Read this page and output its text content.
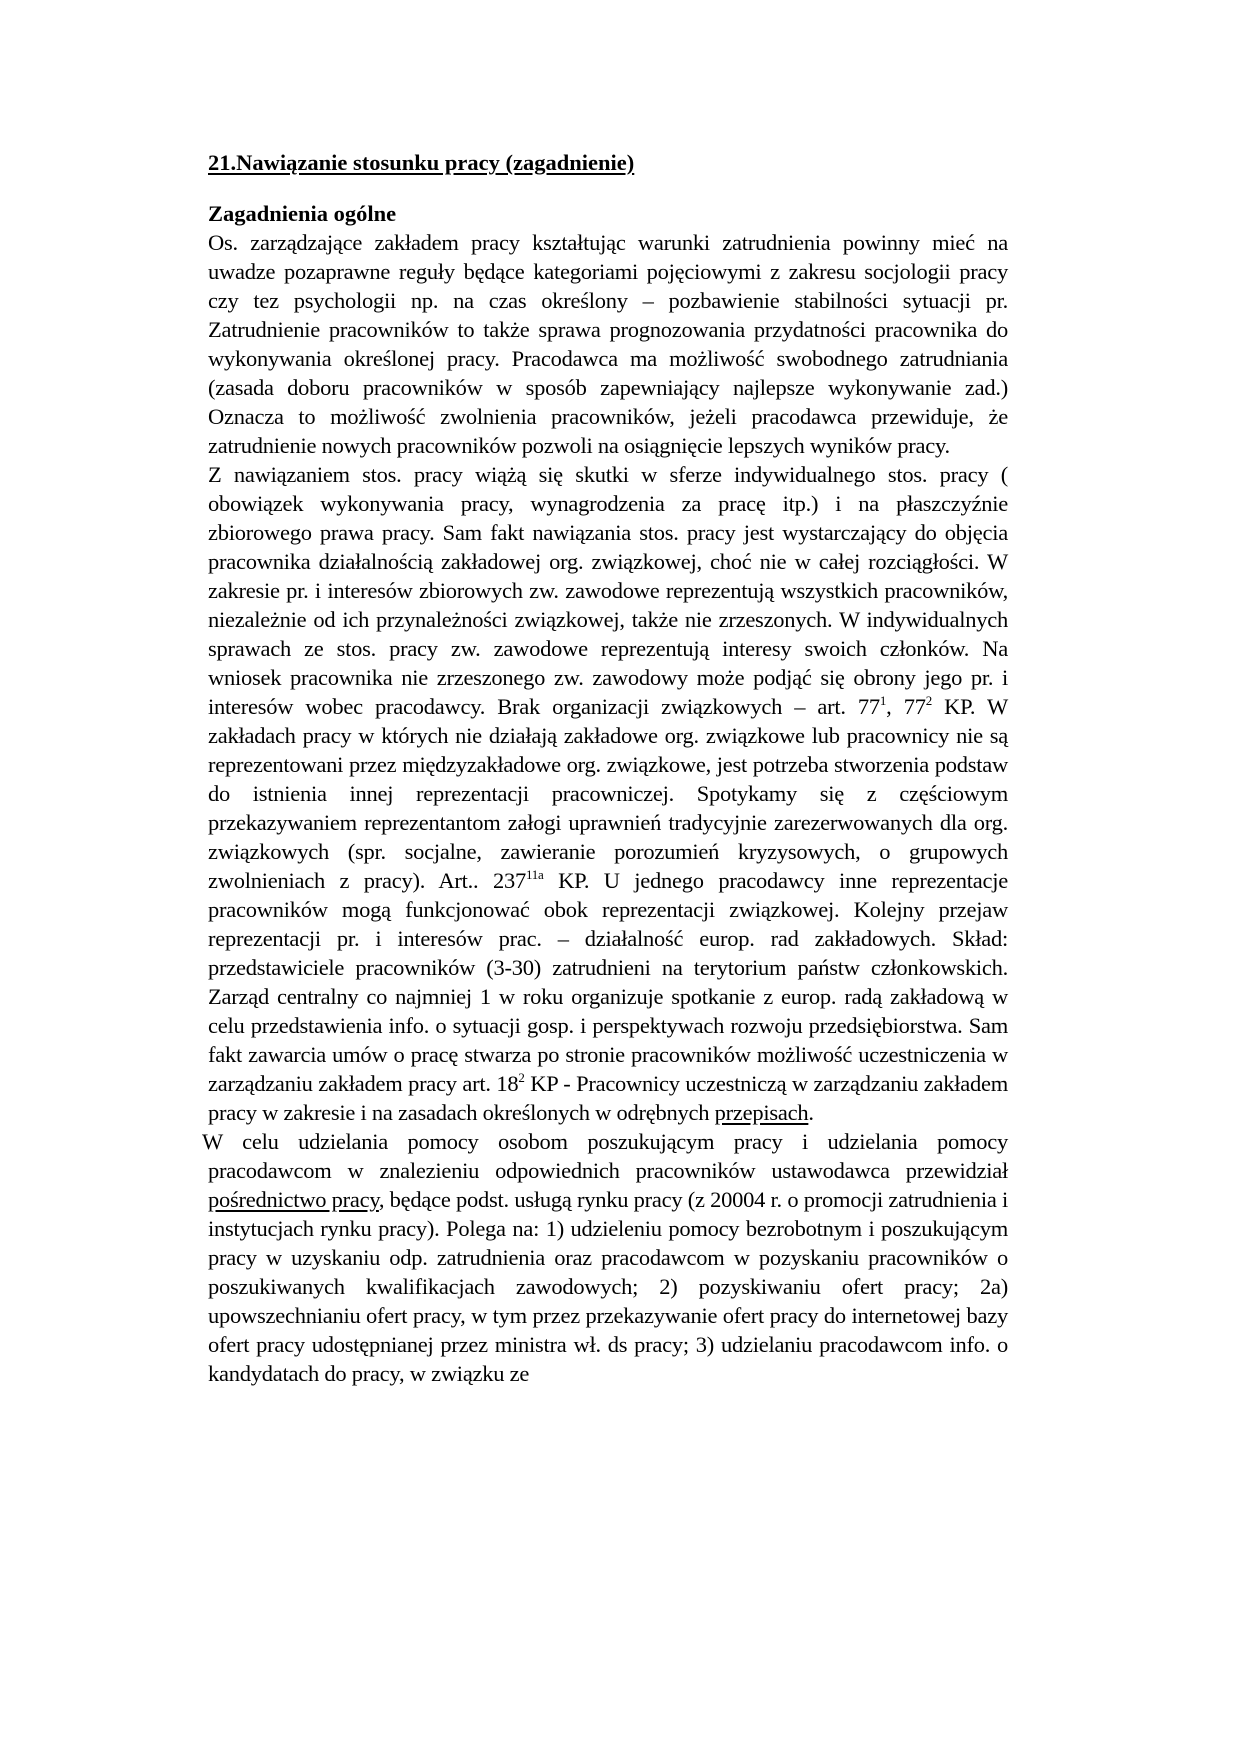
21.Nawiązanie stosunku pracy (zagadnienie)
Zagadnienia ogólne

Os. zarządzające zakładem pracy kształtując warunki zatrudnienia powinny mieć na uwadze pozaprawne reguły będące kategoriami pojęciowymi z zakresu socjologii pracy czy tez psychologii np. na czas określony – pozbawienie stabilności sytuacji pr. Zatrudnienie pracowników to także sprawa prognozowania przydatności pracownika do wykonywania określonej pracy. Pracodawca ma możliwość swobodnego zatrudniania (zasada doboru pracowników w sposób zapewniający najlepsze wykonywanie zad.) Oznacza to możliwość zwolnienia pracowników, jeżeli pracodawca przewiduje, że zatrudnienie nowych pracowników pozwoli na osiągnięcie lepszych wyników pracy.

Z nawiązaniem stos. pracy wiążą się skutki w sferze indywidualnego stos. pracy ( obowiązek wykonywania pracy, wynagrodzenia za pracę itp.) i na płaszczyźnie zbiorowego prawa pracy. Sam fakt nawiązania stos. pracy jest wystarczający do objęcia pracownika działalnością zakładowej org. związkowej, choć nie w całej rozciągłości. W zakresie pr. i interesów zbiorowych zw. zawodowe reprezentują wszystkich pracowników, niezależnie od ich przynależności związkowej, także nie zrzeszonych. W indywidualnych sprawach ze stos. pracy zw. zawodowe reprezentują interesy swoich członków. Na wniosek pracownika nie zrzeszonego zw. zawodowy może podjąć się obrony jego pr. i interesów wobec pracodawcy. Brak organizacji związkowych – art. $77^1$, $77^2$ KP. W zakładach pracy w których nie działają zakładowe org. związkowe lub pracownicy nie są reprezentowani przez międzyzakładowe org. związkowe, jest potrzeba stworzenia podstaw do istnienia innej reprezentacji pracowniczej. Spotykamy się z częściowym przekazywaniem reprezentantom załogi uprawnień tradycyjnie zarezerwowanych dla org. związkowych (spr. socjalne, zawieranie porozumień kryzysowych, o grupowych zwolnieniach z pracy). Art.. $237^{11a}$ KP. U jednego pracodawcy inne reprezentacje pracowników mogą funkcjonować obok reprezentacji związkowej. Kolejny przejaw reprezentacji pr. i interesów prac. – działalność europ. rad zakładowych. Skład: przedstawiciele pracowników (3-30) zatrudnieni na terytorium państw członkowskich. Zarząd centralny co najmniej 1 w roku organizuje spotkanie z europ. radą zakładową w celu przedstawienia info. o sytuacji gosp. i perspektywach rozwoju przedsiębiorstwa. Sam fakt zawarcia umów o pracę stwarza po stronie pracowników możliwość uczestniczenia w zarządzaniu zakładem pracy art. $18^2$ KP - Pracownicy uczestniczą w zarządzaniu zakładem pracy w zakresie i na zasadach określonych w odrębnych przepisach.

W celu udzielania pomocy osobom poszukującym pracy i udzielania pomocy pracodawcom w znalezieniu odpowiednich pracowników ustawodawca przewidział pośrednictwo pracy, będące podst. usługą rynku pracy (z 20004 r. o promocji zatrudnienia i instytucjach rynku pracy). Polega na: 1) udzieleniu pomocy bezrobotnym i poszukującym pracy w uzyskaniu odp. zatrudnienia oraz pracodawcom w pozyskaniu pracowników o poszukiwanych kwalifikacjach zawodowych; 2) pozyskiwaniu ofert pracy; 2a) upowszechnianiu ofert pracy, w tym przez przekazywanie ofert pracy do internetowej bazy ofert pracy udostępnianej przez ministra wł. ds pracy; 3) udzielaniu pracodawcom info. o kandydatach do pracy, w związku ze
